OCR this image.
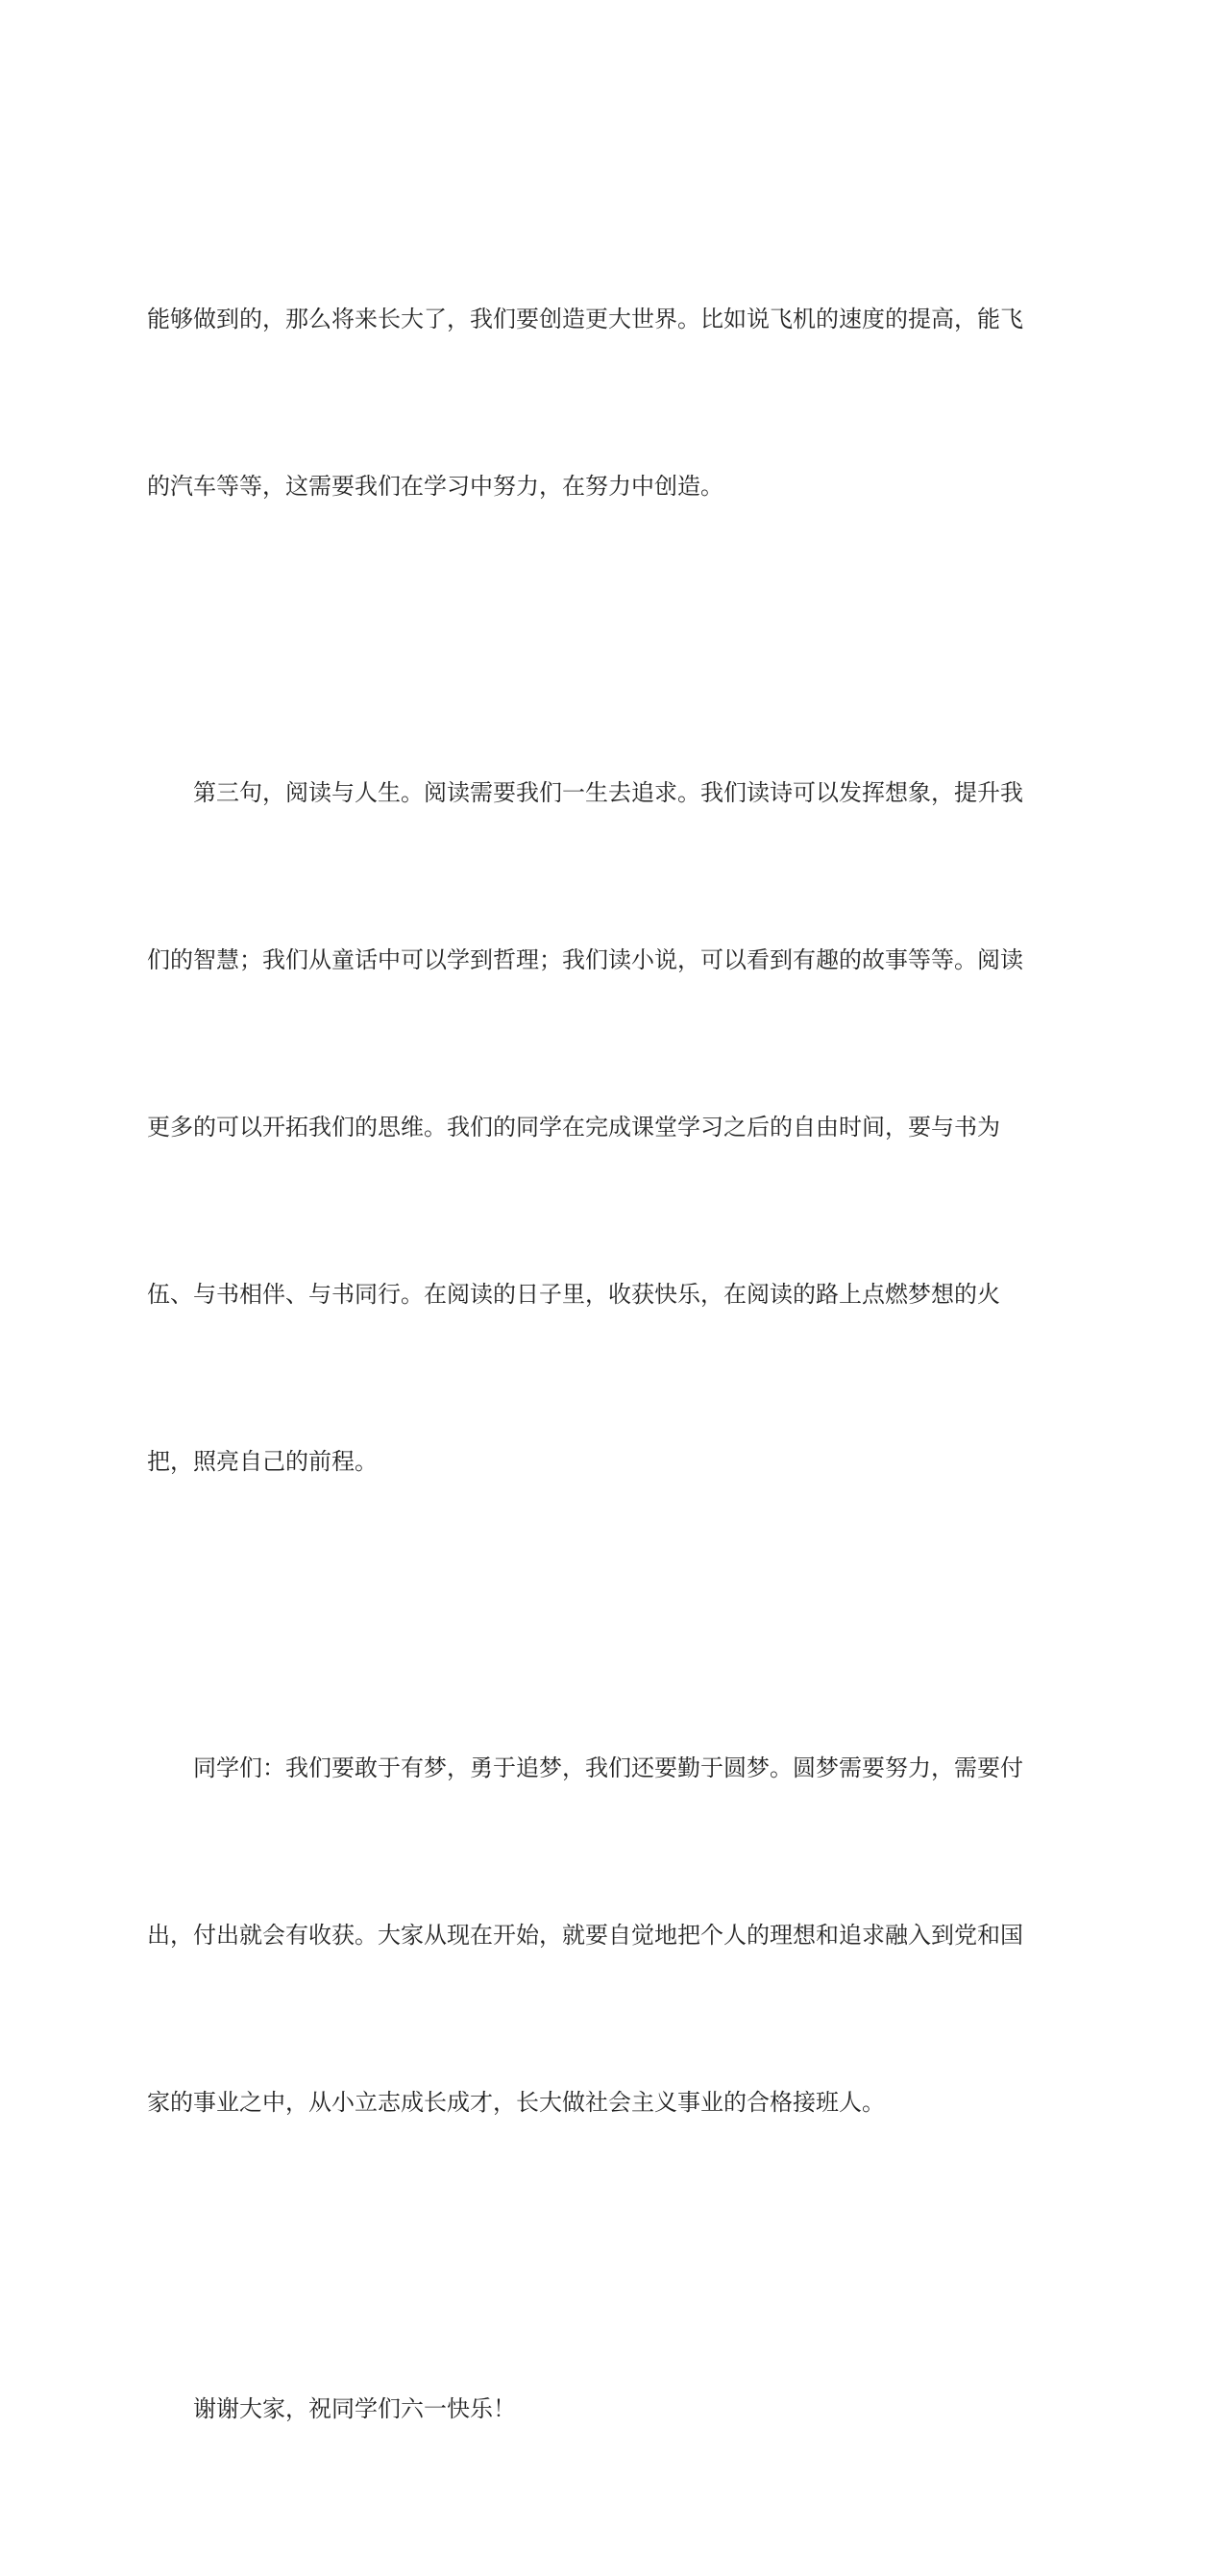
能够做到的，那么将来长大了，我们要创造更大世界。比如说飞机的速度的提高，能飞

的汽车等等，这需要我们在学习中努力，在努力中创造。

第三句，阅读与人生。阅读需要我们一生去追求。我们读诗可以发挥想象，提升我

们的智慧；我们从童话中可以学到哲理；我们读小说，可以看到有趣的故事等等。阅读

更多的可以开拓我们的思维。我们的同学在完成课堂学习之后的自由时间，要与书为

伍、与书相伴、与书同行。在阅读的日子里，收获快乐，在阅读的路上点燃梦想的火

把，照亮自己的前程。

同学们：我们要敢于有梦，勇于追梦，我们还要勤于圆梦。圆梦需要努力，需要付

出，付出就会有收获。大家从现在开始，就要自觉地把个人的理想和追求融入到党和国

家的事业之中，从小立志成长成才，长大做社会主义事业的合格接班人。

谢谢大家，祝同学们六一快乐！
